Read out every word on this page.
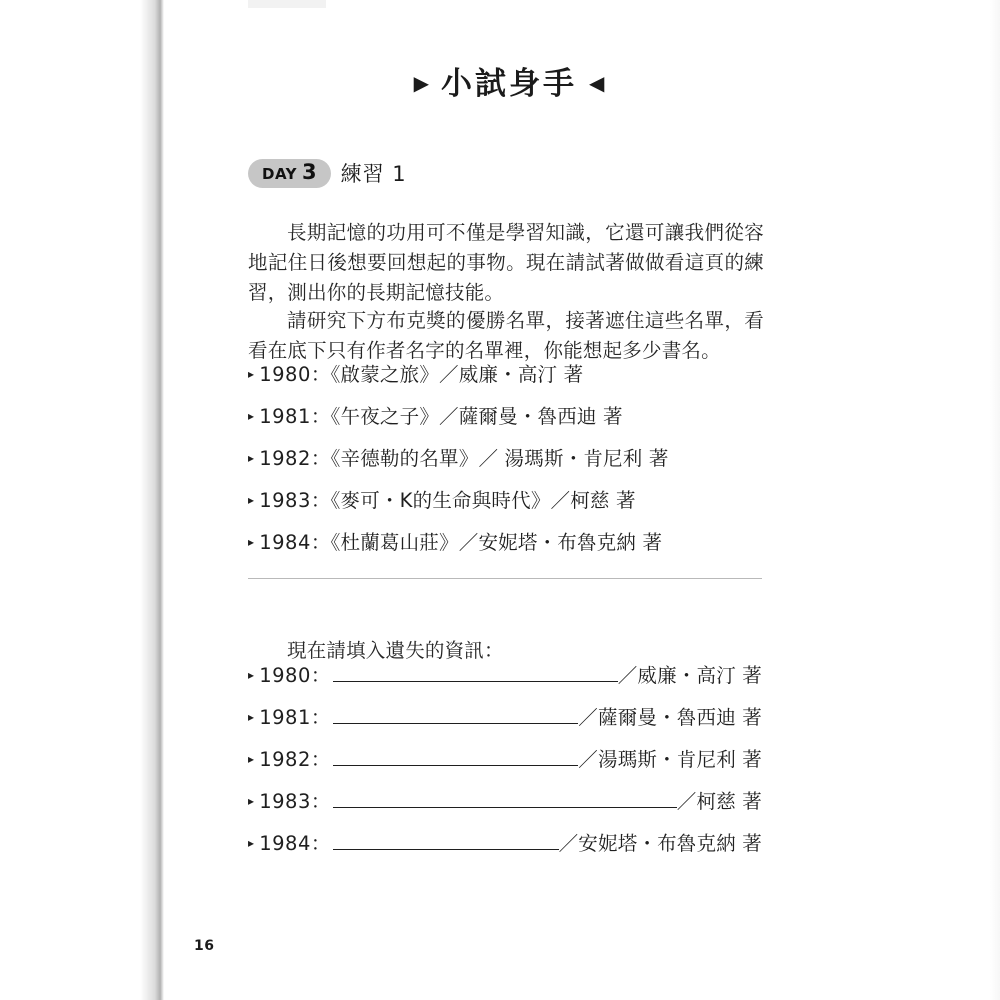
▶ 小試身手 ◀
DAY 3 練習 1

長期記憶的功用可不僅是學習知識，它還可讓我們從容地記住日後想要回想起的事物。現在請試著做做看這頁的練習，測出你的長期記憶技能。

請研究下方布克獎的優勝名單，接著遮住這些名單，看看在底下只有作者名字的名單裡，你能想起多少書名。

▸ 1980：《啟蒙之旅》／威廉・高汀 著
▸ 1981：《午夜之子》／薩爾曼・魯西迪 著
▸ 1982：《辛德勒的名單》／ 湯瑪斯・肯尼利 著
▸ 1983：《麥可・K的生命與時代》／柯慈 著
▸ 1984：《杜蘭葛山莊》／安妮塔・布魯克納 著

現在請填入遺失的資訊：

▸ 1980 ：	／威廉・高汀 著
▸ 1981 ：	／薩爾曼・魯西迪 著
▸ 1982 ：	／湯瑪斯・肯尼利 著
▸ 1983 ：	／柯慈 著
▸ 1984 ：	／安妮塔・布魯克納 著
16
